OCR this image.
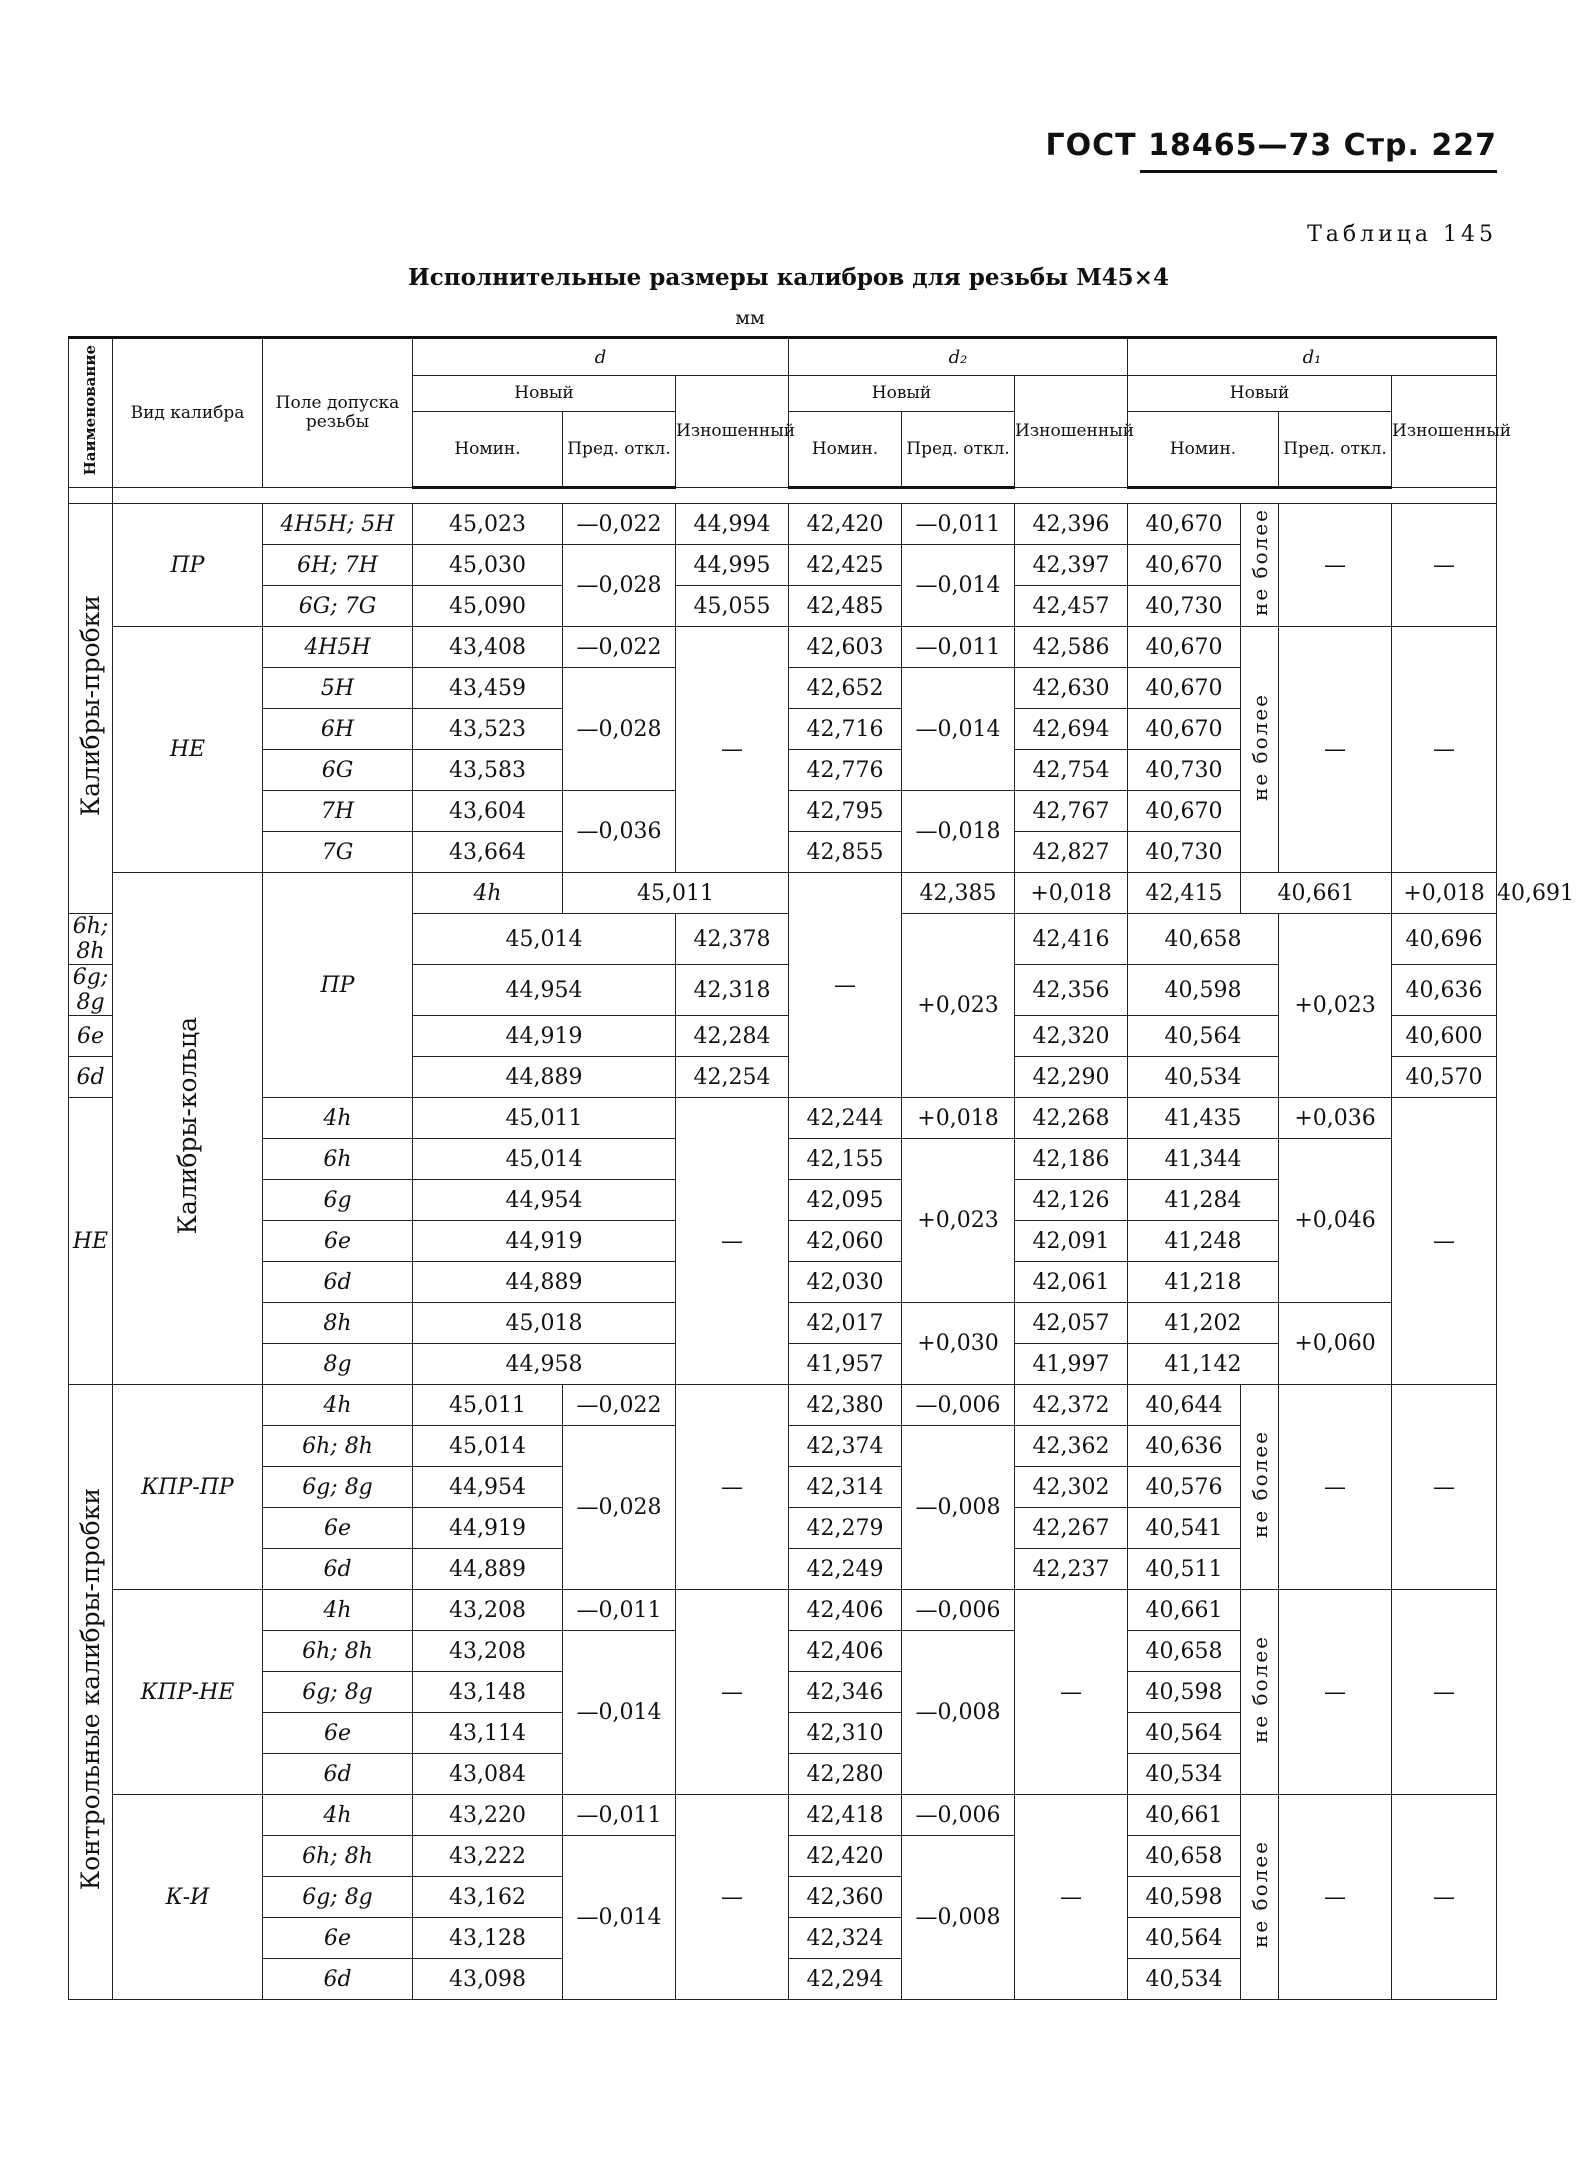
ГОСТ 18465—73 Стр. 227
Таблица 145
Исполнительные размеры калибров для резьбы М45×4
мм
Наименование	Вид калибра	Поле допуска резьбы	d			d₂			d₁				
			Новый		Изношенный	Новый		Изношенный	Новый			Изношенный	
			Номин.	Пред. откл.		Номин.	Пред. откл.		Номин.		Пред. откл.		

Калибры-пробки	ПР	4H5H; 5H	45,023	—0,022	44,994	42,420	—0,011	42,396	40,670	не более	—	—	
		6H; 7H	45,030	—0,028	44,995	42,425	—0,014	42,397	40,670				
		6G; 7G	45,090		45,055	42,485		42,457	40,730				
	НЕ	4H5H	43,408	—0,022	—	42,603	—0,011	42,586	40,670	не более	—	—	
		5H	43,459	—0,028		42,652	—0,014	42,630	40,670				
		6H	43,523			42,716		42,694	40,670				
		6G	43,583			42,776		42,754	40,730				
		7H	43,604	—0,036		42,795	—0,018	42,767	40,670				
		7G	43,664			42,855		42,827	40,730				
	Калибры-кольца	ПР	4h	45,011		—	42,385	+0,018	42,415	40,661		+0,018	40,691
6h; 8h			45,014		42,378		+0,023	42,416	40,658		+0,023	40,696	
6g; 8g			44,954		42,318			42,356	40,598			40,636	
6e			44,919		42,284			42,320	40,564			40,600	
6d			44,889		42,254			42,290	40,534			40,570	
НЕ		4h	45,011		—	42,244	+0,018	42,268	41,435		+0,036	—	
		6h	45,014			42,155	+0,023	42,186	41,344		+0,046		
		6g	44,954			42,095		42,126	41,284				
		6e	44,919			42,060		42,091	41,248				
		6d	44,889			42,030		42,061	41,218				
		8h	45,018			42,017	+0,030	42,057	41,202		+0,060		
		8g	44,958			41,957		41,997	41,142				
Контрольные калибры-пробки	КПР-ПР	4h	45,011	—0,022	—	42,380	—0,006	42,372	40,644	не более	—	—	
		6h; 8h	45,014	—0,028		42,374	—0,008	42,362	40,636				
		6g; 8g	44,954			42,314		42,302	40,576				
		6e	44,919			42,279		42,267	40,541				
		6d	44,889			42,249		42,237	40,511				
	КПР-НЕ	4h	43,208	—0,011	—	42,406	—0,006	—	40,661	не более	—	—	
		6h; 8h	43,208	—0,014		42,406	—0,008		40,658				
		6g; 8g	43,148			42,346			40,598				
		6e	43,114			42,310			40,564				
		6d	43,084			42,280			40,534				
	К-И	4h	43,220	—0,011	—	42,418	—0,006	—	40,661	не более	—	—	
		6h; 8h	43,222	—0,014		42,420	—0,008		40,658				
		6g; 8g	43,162			42,360			40,598				
		6e	43,128			42,324			40,564				
		6d	43,098			42,294			40,534				
